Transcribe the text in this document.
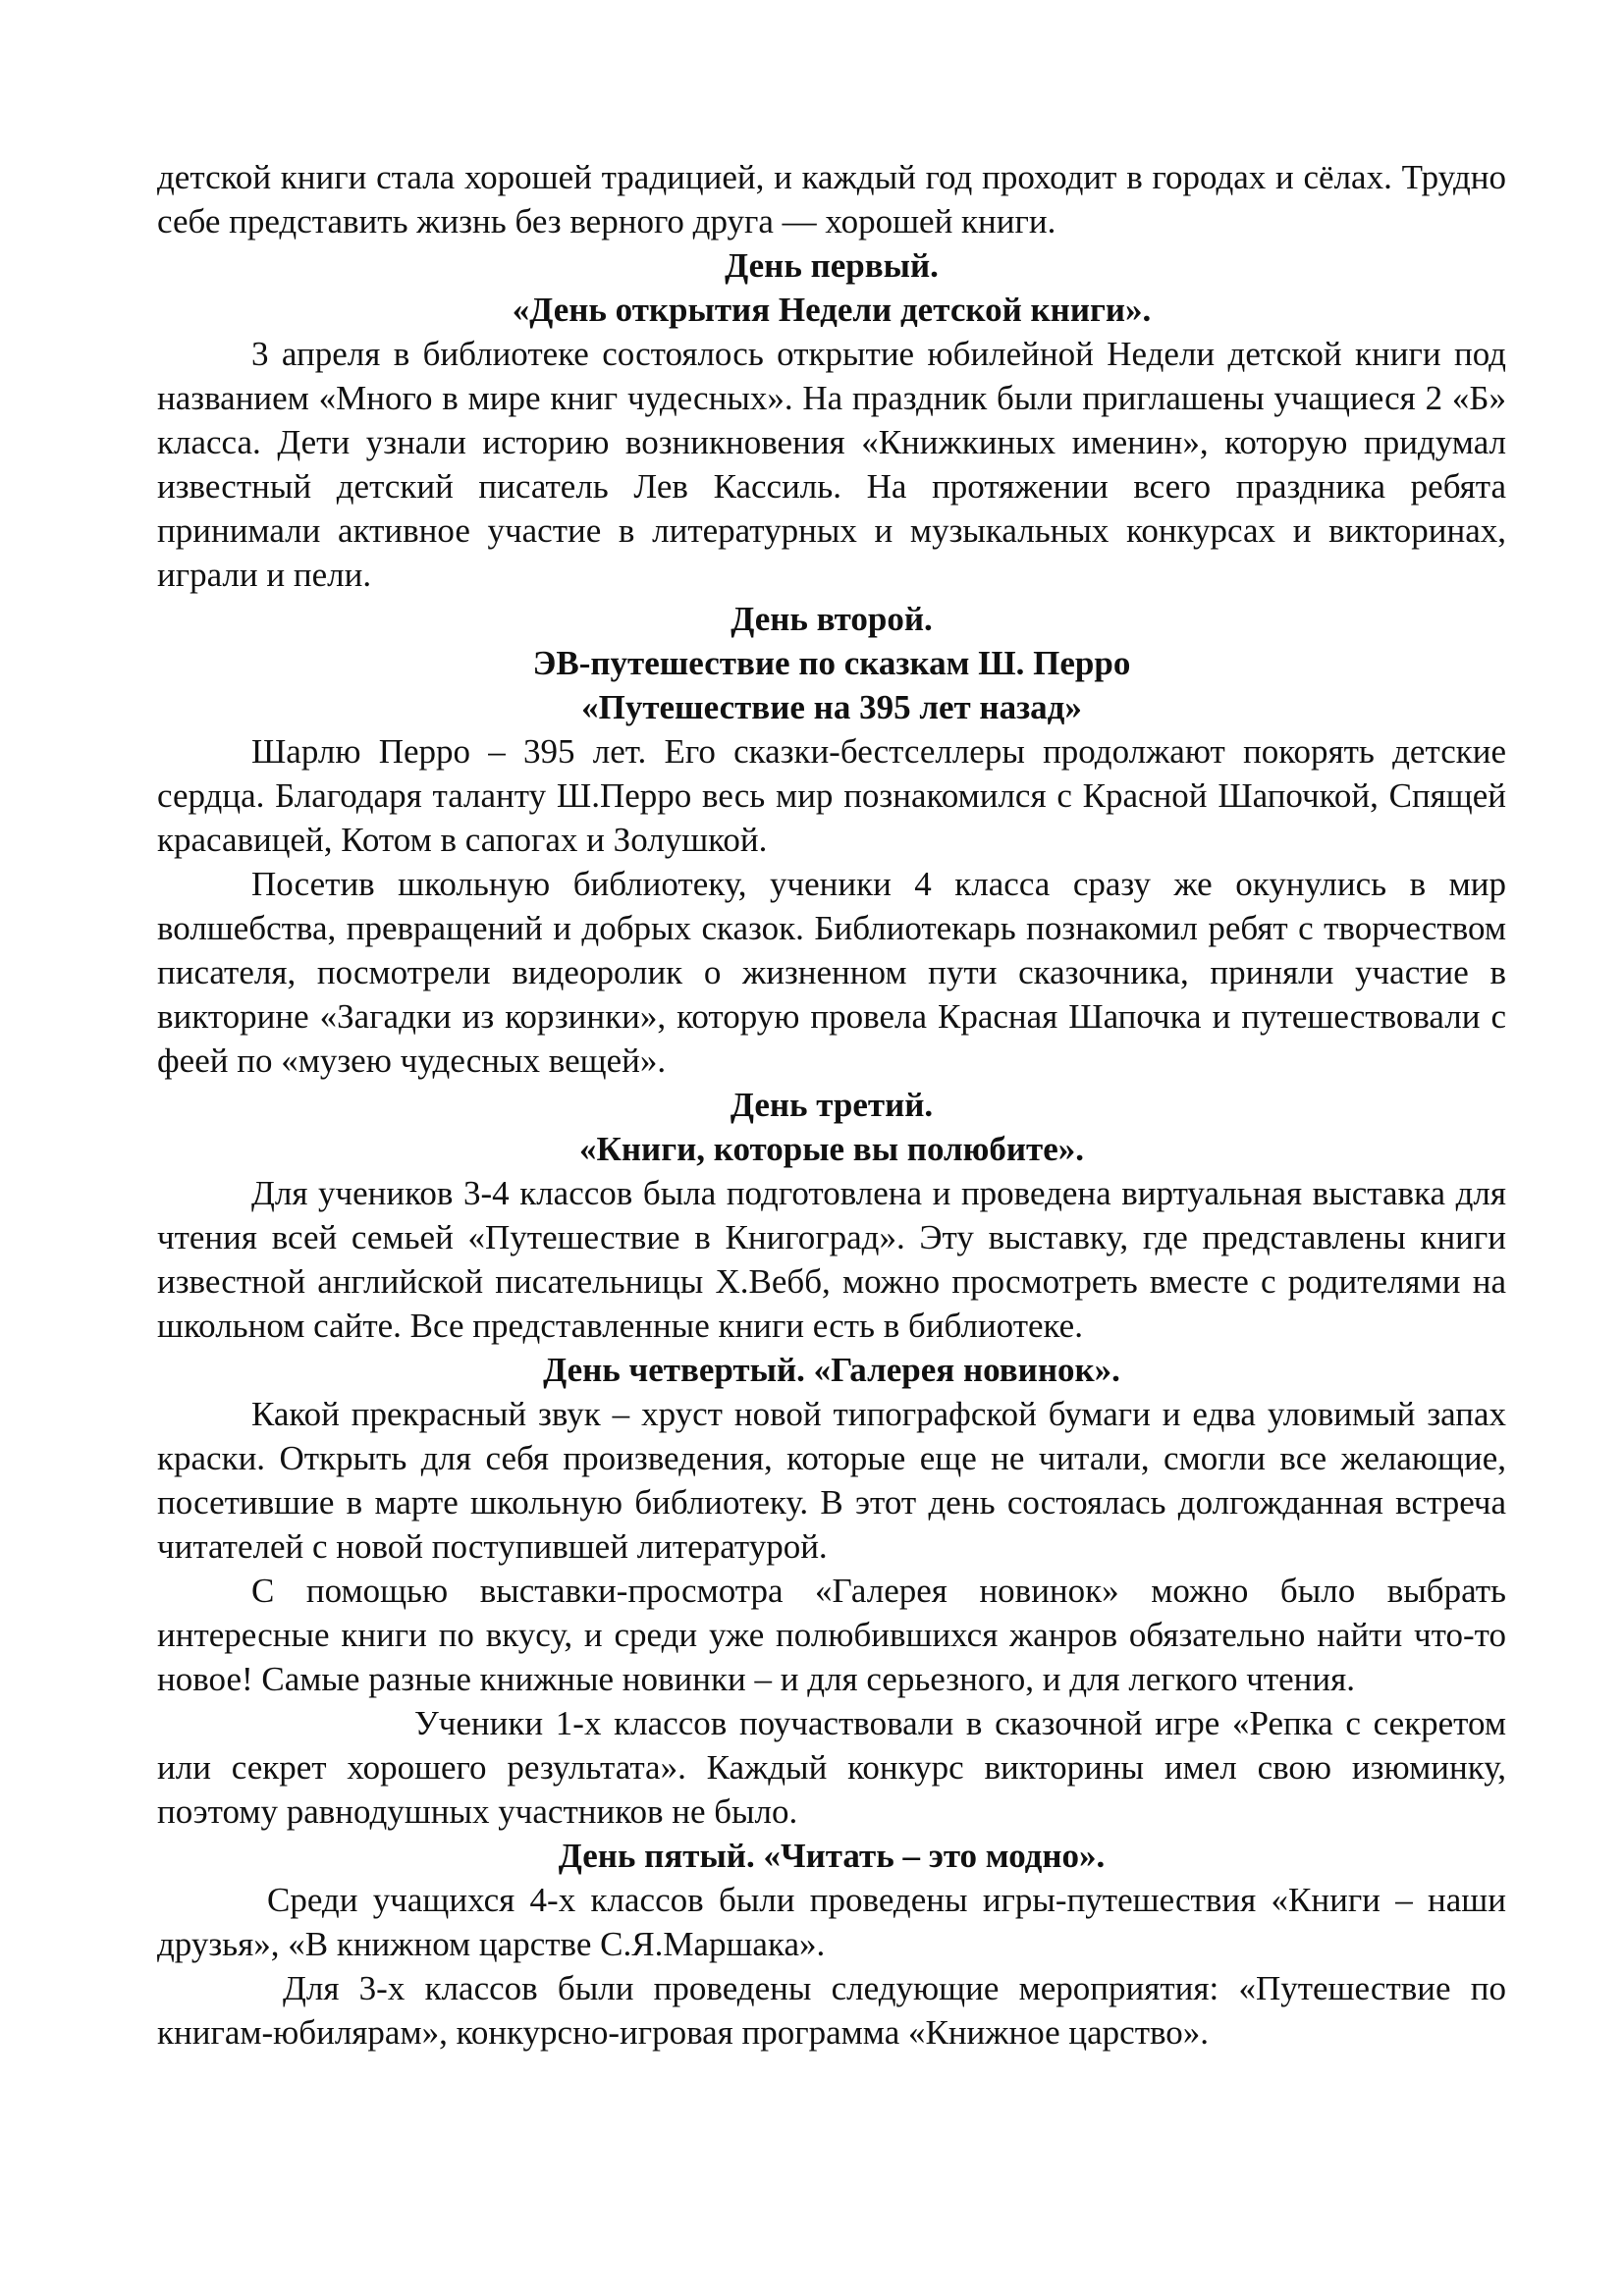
детской книги стала хорошей традицией, и каждый год проходит в городах и сёлах. Трудно себе представить жизнь без верного друга — хорошей книги.

День первый.

«День открытия Недели детской книги».

3 апреля в библиотеке состоялось открытие юбилейной Недели детской книги под названием «Много в мире книг чудесных». На праздник были приглашены учащиеся 2 «Б» класса. Дети узнали историю возникновения «Книжкиных именин», которую придумал известный детский писатель Лев Кассиль. На протяжении всего праздника ребята принимали активное участие в литературных и музыкальных конкурсах и викторинах, играли и пели.

День второй.

ЭВ-путешествие по сказкам Ш. Перро

«Путешествие на 395 лет назад»

Шарлю Перро – 395 лет. Его сказки-бестселлеры продолжают покорять детские сердца. Благодаря таланту Ш.Перро весь мир познакомился с Красной Шапочкой, Спящей красавицей, Котом в сапогах и Золушкой.

Посетив школьную библиотеку, ученики 4 класса сразу же окунулись в мир волшебства, превращений и добрых сказок. Библиотекарь познакомил ребят с творчеством писателя, посмотрели видеоролик о жизненном пути сказочника, приняли участие в викторине «Загадки из корзинки», которую провела Красная Шапочка и путешествовали с феей по «музею чудесных вещей».

День третий.

«Книги, которые вы полюбите».

Для учеников 3-4 классов была подготовлена и проведена виртуальная выставка для чтения всей семьей «Путешествие в Книгоград». Эту выставку, где представлены книги известной английской писательницы Х.Вебб, можно просмотреть вместе с родителями на школьном сайте. Все представленные книги есть в библиотеке.

День четвертый. «Галерея новинок».

Какой прекрасный звук – хруст новой типографской бумаги и едва уловимый запах краски. Открыть для себя произведения, которые еще не читали, смогли все желающие, посетившие в марте школьную библиотеку. В этот день состоялась долгожданная встреча читателей с новой поступившей литературой.

С помощью выставки-просмотра «Галерея новинок» можно было выбрать интересные книги по вкусу, и среди уже полюбившихся жанров обязательно найти что-то новое! Самые разные книжные новинки – и для серьезного, и для легкого чтения.

Ученики 1-х классов поучаствовали в сказочной игре «Репка с секретом или секрет хорошего результата». Каждый конкурс викторины имел свою изюминку, поэтому равнодушных участников не было.

День пятый. «Читать – это модно».

Среди учащихся 4-х классов были проведены игры-путешествия «Книги – наши друзья», «В книжном царстве С.Я.Маршака».

Для 3-х классов были проведены следующие мероприятия: «Путешествие по книгам-юбилярам», конкурсно-игровая программа «Книжное царство».
